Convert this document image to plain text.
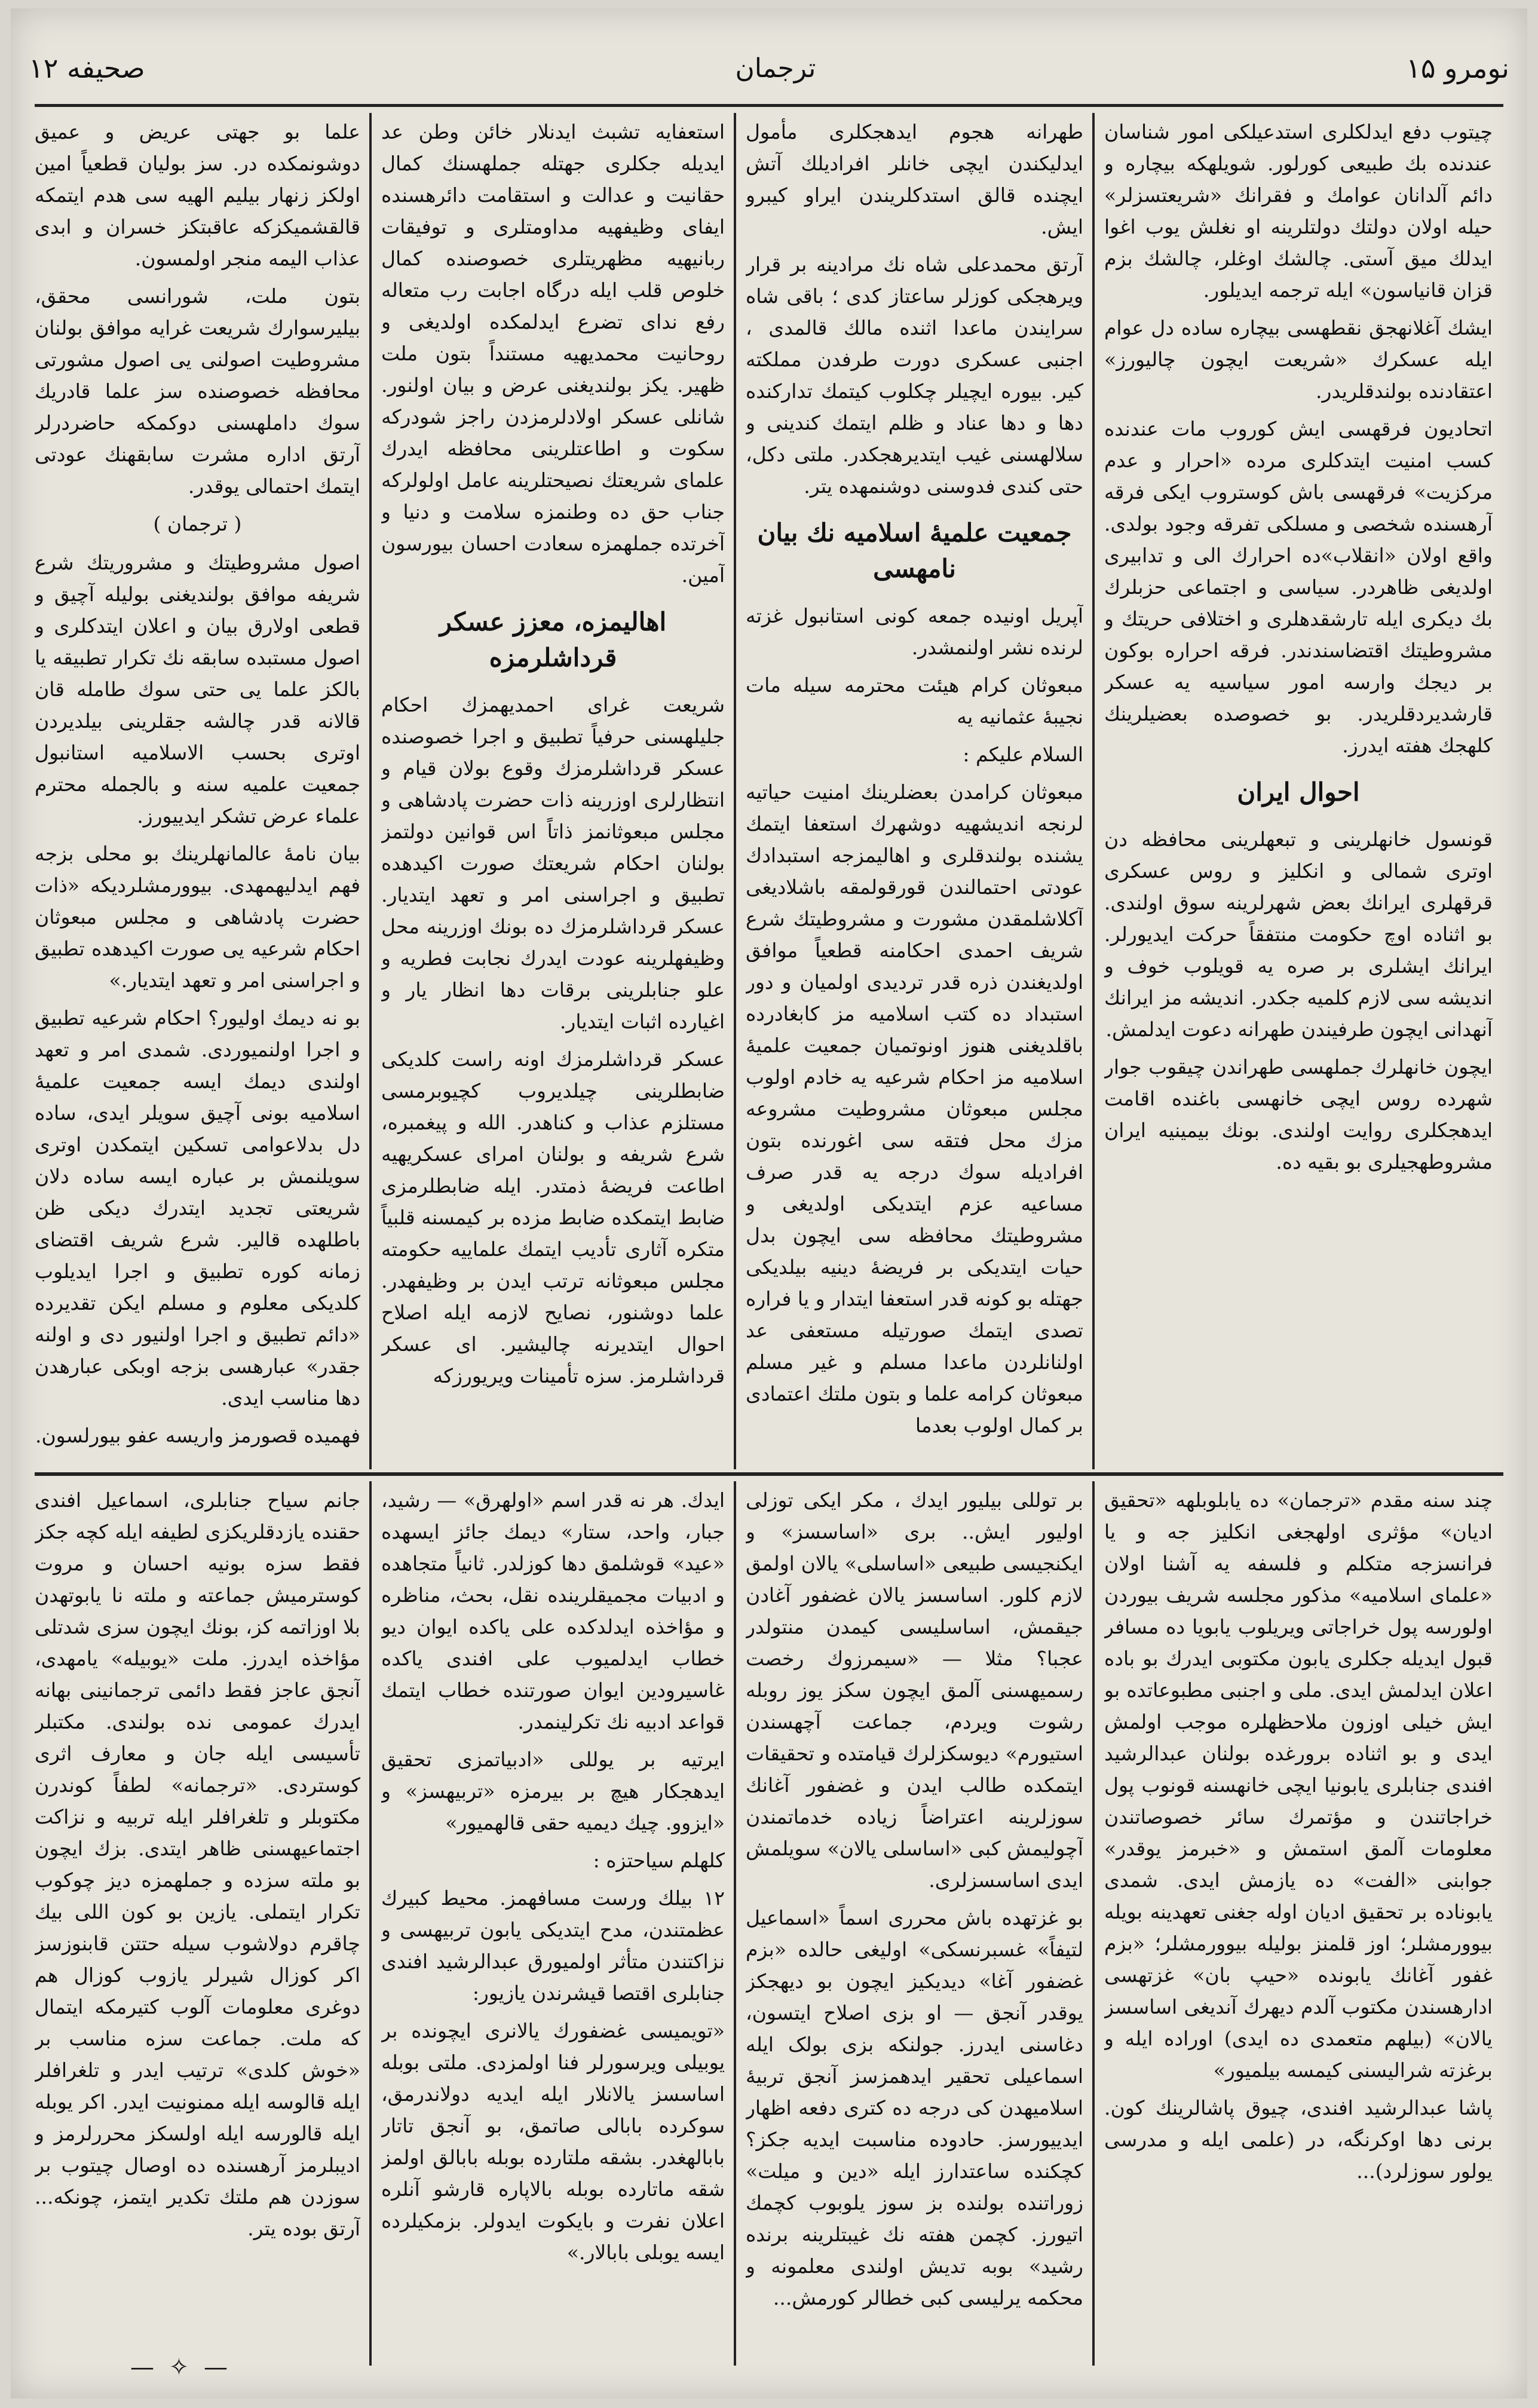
نومرو ۱۵
ترجمان
صحیفه ۱۲

چیتوب دفع ایدلکلری استدعیلکی امور شناسان عندنده بك طبیعی کورلور. شویلهکه بیچاره و دائم آلدانان عوامك و فقرانك «شریعتسزلر» حیله اولان دولتك دولتلرینه او نغلش یوب اغوا ایدلك میق آستی. چالشك اوغلر، چالشك بزم قزان قانیاسون» ایله ترجمه ایدیلور.

ایشك آغلانهجق نقطهسی بیچاره ساده دل عوام ایله عسکرك «شریعت ایچون چالیورز» اعتقادنده بولندقلریدر.

اتحادیون فرقهسی ایش کوروب مات عندنده کسب امنیت ایتدکلری مرده «احرار و عدم مرکزیت» فرقهسی باش کوستروب ایکی فرقه آرهسنده شخصی و مسلکی تفرقه وجود بولدی. واقع اولان «انقلاب»ده احرارك الی و تدابیری اولدیغی ظاهردر. سیاسی و اجتماعی حزبلرك بك دیکری ایله تارشقدهلری و اختلافی حریتك و مشروطیتك اقتضاسندندر. فرقه احراره بوکون بر دیجك وارسه امور سیاسیه یه عسکر قارشدیردقلریدر. بو خصوصده بعضیلرینك کلهجك هفته ایدرز.

احوال ایران

قونسول خانهلرینی و تبعهلرینی محافظه دن اوتری شمالی و انکلیز و روس عسکری قرقهلری ایرانك بعض شهرلرینه سوق اولندی. بو اثناده اوچ حکومت منتفقاً حرکت ایدیورلر. ایرانك ایشلری بر صره یه قویلوب خوف و اندیشه سی لازم کلمیه جکدر. اندیشه مز ایرانك آنهدانی ایچون طرفیندن طهرانه دعوت ایدلمش.

ایچون خانهلرك جملهسی طهراندن چیقوب جوار شهرده روس ایچی خانهسی باغنده اقامت ایدهجکلری روایت اولندی. بونك بیمینیه ایران مشروطهجیلری بو بقیه ده.

طهرانه هجوم ایدهجکلری مأمول ایدلیکندن ایچی خانلر افرادیلك آتش ایچنده قالق استدکلریندن ایراو کیبرو ایش.

آرتق محمدعلی شاه نك مرادینه بر قرار ویرهجکی کوزلر ساعتاز کدی ؛ باقی شاه سرایندن ماعدا اثنده مالك قالمدی ، اجنبی عسکری دورت طرفدن مملکته کیر. بیوره ایچیلر چکلوب کیتمك تدارکنده دها و دها عناد و ظلم ایتمك کندینی و سلالهسنی غیب ایتدیرهجکدر. ملتی دکل، حتی کندی فدوسنی دوشنمهده یتر.

جمعیت علمیهٔ اسلامیه نك بیان نامهسی

آپریل اونیده جمعه کونی استانبول غزته لرنده نشر اولنمشدر.

مبعوثان کرام هیئت محترمه سیله مات نجیبهٔ عثمانیه یه

السلام علیکم :

مبعوثان کرامدن بعضلرینك امنیت حیاتیه لرنجه اندیشهیه دوشهرك استعفا ایتمك یشنده بولندقلری و اهالیمزجه استبدادك عودتی احتمالندن قورقولمقه باشلادیغی آکلاشلمقدن مشورت و مشروطیتك شرع شریف احمدی احکامنه قطعیاً موافق اولدیغندن ذره قدر تردیدی اولمیان و دور استبداد ده کتب اسلامیه مز کابغادرده باقلدیغنی هنوز اونوتمیان جمعیت علمیهٔ اسلامیه مز احکام شرعیه یه خادم اولوب مجلس مبعوثان مشروطیت مشروعه مزك محل فتقه سی اغورنده بتون افرادیله سوك درجه یه قدر صرف مساعیه عزم ایتدیکی اولدیغی و مشروطیتك محافظه سی ایچون بدل حیات ایتدیکی بر فریضهٔ دینیه بیلدیکی جهتله بو کونه قدر استعفا ایتدار و یا فراره تصدی ایتمك صورتیله مستعفی عد اولنانلردن ماعدا مسلم و غیر مسلم مبعوثان کرامه علما و بتون ملتك اعتمادی بر کمال اولوب بعدما

استعفایه تشبث ایدنلار خائن وطن عد ایدیله جکلری جهتله جملهسنك کمال حقانیت و عدالت و استقامت دائرهسنده ایفای وظیفهیه مداومتلری و توفیقات ربانیهیه مظهریتلری خصوصنده کمال خلوص قلب ایله درگاه اجابت رب متعاله رفع ندای تضرع ایدلمکده اولدیغی و روحانیت محمدیهیه مستنداً بتون ملت ظهیر. یکز بولندیغنی عرض و بیان اولنور. شانلی عسکر اولادلرمزدن راجز شودرکه سکوت و اطاعتلرینی محافظه ایدرك علمای شریعتك نصیحتلرینه عامل اولولرکه جناب حق ده وطنمزه سلامت و دنیا و آخرتده جملهمزه سعادت احسان بیورسون آمین.

اهالیمزه، معزز عسکر قرداشلرمزه

شریعت غرای احمدیهمزك احکام جلیلهسنی حرفیاً تطبیق و اجرا خصوصنده عسکر قرداشلرمزك وقوع بولان قیام و انتظارلری اوزرینه ذات حضرت پادشاهی و مجلس مبعوثانمز ذاتاً اس قوانین دولتمز بولنان احکام شریعتك صورت اکیدهده تطبیق و اجراسنی امر و تعهد ایتدیار. عسکر قرداشلرمزك ده بونك اوزرینه محل وظیفهلرینه عودت ایدرك نجابت فطریه و علو جنابلرینی برقات دها انظار یار و اغیارده اثبات ایتدیار.

عسکر قرداشلرمزك اونه راست کلدیکی ضابطلرینی چیلدیروب کچیوبرمسی مستلزم عذاب و کناهدر. الله و پیغمبره، شرع شریفه و بولنان امرای عسکریهیه اطاعت فریضهٔ ذمتدر. ایله ضابطلرمزی ضابط ایتمکده ضابط مزده بر کیمسنه قلبیاً متکره آثاری تأدیب ایتمك علماییه حکومته مجلس مبعوثانه ترتب ایدن بر وظیفهدر. علما دوشنور، نصایح لازمه ایله اصلاح احوال ایتدیرنه چالیشیر. ای عسکر قرداشلرمز. سزه تأمینات ویریورزکه

علما بو جهتی عریض و عمیق دوشونمکده در. سز بولیان قطعیاً امین اولکز زنهار بیلیم الهیه سی هدم ایتمکه قالقشمیکزکه عاقبتکز خسران و ابدی عذاب الیمه منجر اولمسون.

بتون ملت، شورانسی محقق، بیلیرسوارك شریعت غرایه موافق بولنان مشروطیت اصولنی یی اصول مشورتی محافظه خصوصنده سز علما قادریك سوك داملهسنی دوکمکه حاضردرلر آرتق اداره مشرت سابقهنك عودتی ایتمك احتمالی یوقدر.

( ترجمان )

اصول مشروطیتك و مشروریتك شرع شریفه موافق بولندیغنی بولیله آچیق و قطعی اولارق بیان و اعلان ایتدکلری و اصول مستبده سابقه نك تکرار تطبیقه یا بالکز علما یی حتی سوك طامله قان قالانه قدر چالشه جقلرینی بیلدیردن اوتری بحسب الاسلامیه استانبول جمعیت علمیه سنه و بالجمله محترم علماء عرض تشکر ایدییورز.

بیان نامهٔ عالمانهلرینك بو محلی بزجه فهم ایدلیهمهدی. بیوورمشلردیکه «ذات حضرت پادشاهی و مجلس مبعوثان احکام شرعیه یی صورت اکیدهده تطبیق و اجراسنی امر و تعهد ایتدیار.»

بو نه دیمك اولیور؟ احکام شرعیه تطبیق و اجرا اولنمیوردی. شمدی امر و تعهد اولندی دیمك ایسه جمعیت علمیهٔ اسلامیه بونی آچیق سویلر ایدی، ساده دل بدلاعوامی تسکین ایتمکدن اوتری سویلنمش بر عباره ایسه ساده دلان شریعتی تجدید ایتدرك دیکی ظن باطلهده قالیر. شرع شریف اقتضای زمانه کوره تطبیق و اجرا ایدیلوب کلدیکی معلوم و مسلم ایکن تقدیرده «دائم تطبیق و اجرا اولنیور دی و اولنه جقدر» عبارهسی بزجه اوبکی عبارهدن دها مناسب ایدی.

فهمیده قصورمز واریسه عفو بیورلسون.

چند سنه مقدم «ترجمان» ده یابلوبلهه «تحقیق ادیان» مؤثری اولهجغی انکلیز جه و یا فرانسزجه متکلم و فلسفه یه آشنا اولان «علمای اسلامیه» مذکور مجلسه شریف بیوردن اولورسه پول خراجاتی ویریلوب یابویا ده مسافر قبول ایدیله جکلری یابون مکتوبی ایدرك بو باده اعلان ایدلمش ایدی. ملی و اجنبی مطبوعاتده بو ایش خیلی اوزون ملاحظهلره موجب اولمش ایدی و بو اثناده برورغده بولنان عبدالرشید افندی جنابلری یابونیا ایچی خانهسنه قونوب پول خراجاتندن و مؤتمرك سائر خصوصاتندن معلومات آلمق استمش و «خبرمز یوقدر» جوابنی «الفت» ده یازمش ایدی. شمدی یابوناده بر تحقیق ادیان اوله جغنی تعهدینه بویله بیوورمشلر؛ اوز قلمنز بولیله بیوورمشلر؛ «بزم غفور آغانك یابونده «حیپ بان» غزتهسی ادارهسندن مکتوب آلدم دیهرك آندیغی اساسسز یالان» (بیلهم متعمدی ده ایدی) اوراده ایله و برغزته شرالیسنی کیمسه بیلمیور»

پاشا عبدالرشید افندی، چیوق پاشالرینك کون. برنی دها اوکرنگه، در (علمی ایله و مدرسی یولور سوزلرد)...

بر توللی بیلیور ایدك ، مکر ایکی توزلی اولیور ایش.. بری «اساسسز» و ایکنجیسی طبیعی «اساسلی» یالان اولمق لازم کلور. اساسسز یالان غضفور آغادن جیقمش، اساسلیسی کیمدن منتولدر عجبا؟ مثلا — «سیمرزوك رخصت رسمیهسنی آلمق ایچون سکز یوز روبله رشوت ویردم، جماعت آچهسندن استیورم» دیوسکزلرك قیامتده و تحقیقات ایتمکده طالب ایدن و غضفور آغانك سوزلرینه اعتراضاً زیاده خدماتمندن آچولیمش کبی «اساسلی یالان» سویلمش ایدی اساسسزلری.

بو غزتهده باش محرری اسماً «اسماعیل لتیفاً» غسبرنسکی» اولیغی حالده «بزم غضفور آغا» دیدیکیز ایچون بو دیهجکز یوقدر آنجق — او بزی اصلاح ایتسون، دغاسنی ایدرز. جولنکه بزی بولک ایله اسماعیلی تحقیر ایدهمزسز آنجق تربیهٔ اسلامیهدن کی درجه ده کتری دفعه اظهار ایدییورسز. حادوده مناسبت ایدیه جکز؟ کچکنده ساعتدارز ایله «دین و میلت» زوراتنده بولنده بز سوز یلوبوب کچمك اتیورز. کچمن هفته نك غیبتلرینه برنده رشید» بوبه تدیش اولندی معلمونه و محکمه یرلیسی کبی خطالر کورمش...

ایدك. هر نه قدر اسم «اولهرق» — رشید، جبار، واحد، ستار» دیمك جائز ایسهده «عید» قوشلمق دها کوزلدر. ثانیاً متجاهده و ادبیات مجمیقلرینده نقل، بحث، مناظره و مؤاخذه ایدلدکده علی یاکده ایوان دیو خطاب ایدلمیوب علی افندی یاکده غاسیرودین ایوان صورتنده خطاب ایتمك قواعد ادبیه نك تکرلینمدر.

ایرتیه بر یوللی «ادبیاتمزی تحقیق ایدهجکار هیچ بر بیرمزه «تربیهسز» و «ایزوو. چیك دیمیه حقی قالهمیور»

کلهلم سیاحتزه :

۱۲ بیلك ورست مسافهمز. محیط کبیرك عظمتندن، مدح ایتدیکی یابون تربیهسی و نزاکتندن متأثر اولمیورق عبدالرشید افندی جنابلری اقتصا قیشرندن یازیور:

«تویمیسی غضفورك یالانری ایچونده بر یوبیلی ویرسورلر فنا اولمزدی. ملتی بوبله اساسسز یالانلار ایله ایدیه دولاندرمق، سوکرده بابالی صاتمق، بو آنجق تاتار بابالهغدر. بشقه ملتارده بوبله بابالق اولمز شقه ماتارده بوبله بالاپاره قارشو آنلره اعلان نفرت و بایکوت ایدولر. بزمکیلرده ایسه یوبلی بابالار.»

جانم سیاح جنابلری، اسماعیل افندی حقنده یازدقلریکزی لطیفه ایله کچه جکز فقط سزه بونیه احسان و مروت کوسترمیش جماعته و ملته نا یابوتهدن بلا اوزاتمه کز، بونك ایچون سزی شدتلی مؤاخذه ایدرز. ملت «یوبیله» یامهدی، آنجق عاجز فقط دائمی ترجمانینی بهانه ایدرك عمومی نده بولندی. مکتبلر تأسیسی ایله جان و معارف اثری کوستردی. «ترجمانه» لطفاً کوندرن مکتوبلر و تلغرافلر ایله تربیه و نزاکت اجتماعیهسنی ظاهر ایتدی. بزك ایچون بو ملته سزده و جملهمزه دیز چوکوب تکرار ایتملی. یازین بو کون اللی بیك چاقرم دولاشوب سیله حتتن قابنوزسز اکر کوزال شیرلر یازوب کوزال هم دوغری معلومات آلوب کتیرمکه ایتمال که ملت. جماعت سزه مناسب بر «خوش کلدی» ترتیب ایدر و تلغرافلر ایله قالوسه ایله ممنونیت ایدر. اکر یوبله ایله قالورسه ایله اولسکز محررلرمز و ادیبلرمز آرهسنده ده اوصال چیتوب بر سوزدن هم ملتك تکدیر ایتمز، چونکه... آرتق بوده یتر.

— ✧ —
